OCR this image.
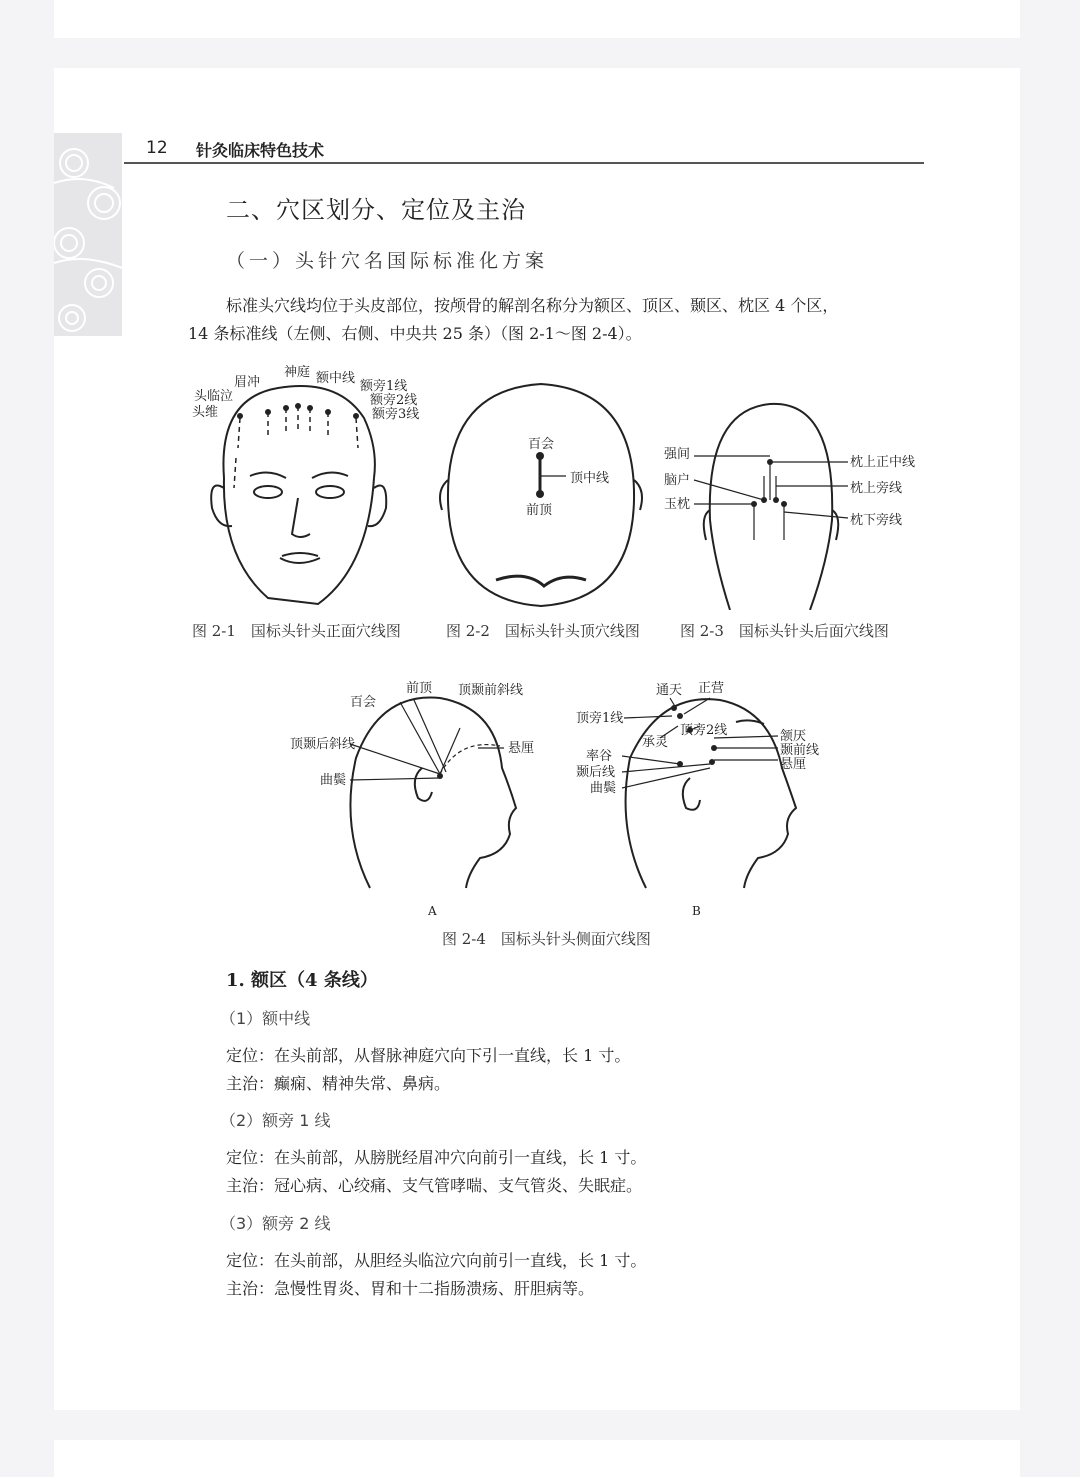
12 针灸临床特色技术
二、穴区划分、定位及主治
（一）头针穴名国际标准化方案
标准头穴线均位于头皮部位，按颅骨的解剖名称分为额区、顶区、颞区、枕区 4 个区，
14 条标准线（左侧、右侧、中央共 25 条）（图 2-1～图 2-4）。
神庭
眉冲	额中线
头临泣
额旁1线
额旁2线
头维	额旁3线
图 2-1　国标头针头正面穴线图
百会
顶中线
前顶
图 2-2　国标头针头顶穴线图
强间
枕上正中线
脑户
枕上旁线
玉枕
枕下旁线
图 2-3　国标头针头后面穴线图
前顶 顶颞前斜线
百会
顶颞后斜线	悬厘
曲鬓
通天 正营
顶旁1线
顶旁2线
承灵	颔厌
颞前线
率谷
悬厘
颞后线
曲鬓
A	B
图 2-4　国标头针头侧面穴线图
1. 额区（4 条线）
（1）额中线
定位：在头前部，从督脉神庭穴向下引一直线，长 1 寸。
主治：癫痫、精神失常、鼻病。
（2）额旁 1 线
定位：在头前部，从膀胱经眉冲穴向前引一直线，长 1 寸。
主治：冠心病、心绞痛、支气管哮喘、支气管炎、失眠症。
（3）额旁 2 线
定位：在头前部，从胆经头临泣穴向前引一直线，长 1 寸。
主治：急慢性胃炎、胃和十二指肠溃疡、肝胆病等。
